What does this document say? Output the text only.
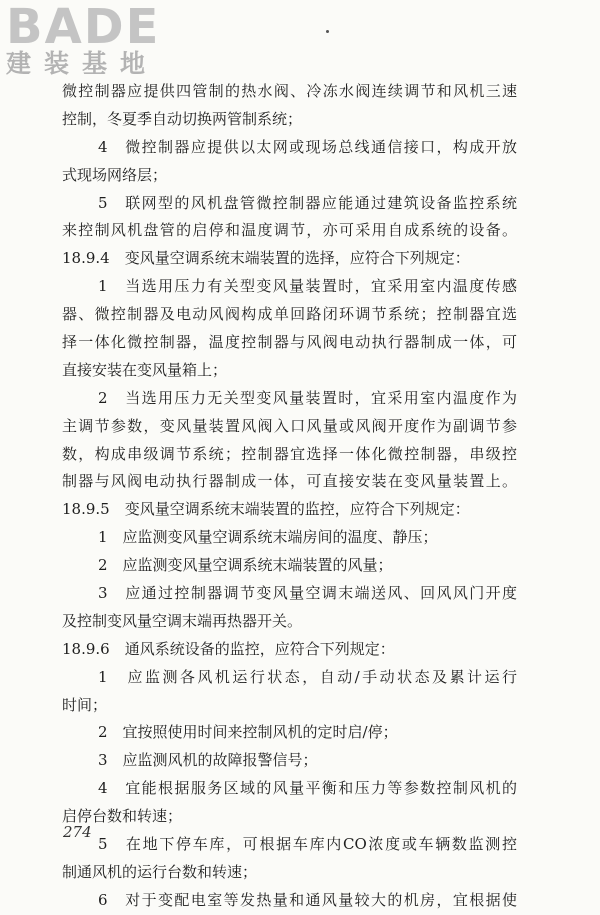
BADE
建装基地
微控制器应提供四管制的热水阀、冷冻水阀连续调节和风机三速
控制，冬夏季自动切换两管制系统；
4　微控制器应提供以太网或现场总线通信接口，构成开放
式现场网络层；
5　联网型的风机盘管微控制器应能通过建筑设备监控系统
来控制风机盘管的启停和温度调节，亦可采用自成系统的设备。
18.9.4　变风量空调系统末端装置的选择，应符合下列规定：
1　当选用压力有关型变风量装置时，宜采用室内温度传感
器、微控制器及电动风阀构成单回路闭环调节系统；控制器宜选
择一体化微控制器，温度控制器与风阀电动执行器制成一体，可
直接安装在变风量箱上；
2　当选用压力无关型变风量装置时，宜采用室内温度作为
主调节参数，变风量装置风阀入口风量或风阀开度作为副调节参
数，构成串级调节系统；控制器宜选择一体化微控制器，串级控
制器与风阀电动执行器制成一体，可直接安装在变风量装置上。
18.9.5　变风量空调系统末端装置的监控，应符合下列规定：
1　应监测变风量空调系统末端房间的温度、静压；
2　应监测变风量空调系统末端装置的风量；
3　应通过控制器调节变风量空调末端送风、回风风门开度
及控制变风量空调末端再热器开关。
18.9.6　通风系统设备的监控，应符合下列规定：
1　应监测各风机运行状态，自动/手动状态及累计运行
时间；
2　宜按照使用时间来控制风机的定时启/停；
3　应监测风机的故障报警信号；
4　宜能根据服务区域的风量平衡和压力等参数控制风机的
启停台数和转速；
5　在地下停车库，可根据车库内CO浓度或车辆数监测控
制通风机的运行台数和转速；
6　对于变配电室等发热量和通风量较大的机房，宜根据使
274
